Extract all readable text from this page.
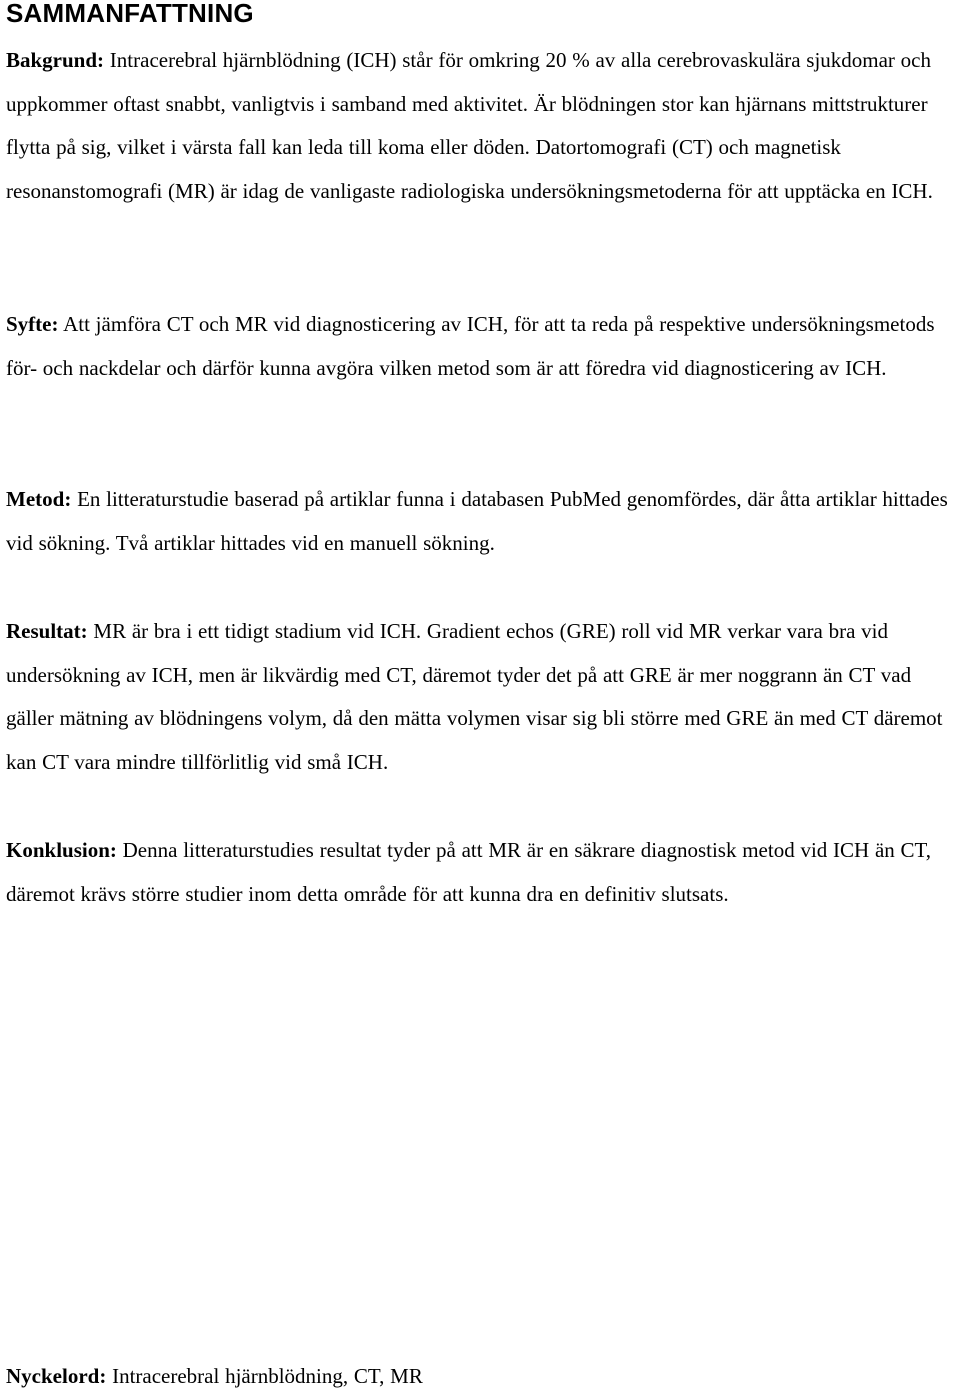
SAMMANFATTNING

Bakgrund: Intracerebral hjärnblödning (ICH) står för omkring 20 % av alla cerebrovaskulära sjukdomar och uppkommer oftast snabbt, vanligtvis i samband med aktivitet. Är blödningen stor kan hjärnans mittstrukturer flytta på sig, vilket i värsta fall kan leda till koma eller döden. Datortomografi (CT) och magnetisk resonanstomografi (MR) är idag de vanligaste radiologiska undersökningsmetoderna för att upptäcka en ICH.

Syfte: Att jämföra CT och MR vid diagnosticering av ICH, för att ta reda på respektive undersökningsmetods för- och nackdelar och därför kunna avgöra vilken metod som är att föredra vid diagnosticering av ICH.

Metod: En litteraturstudie baserad på artiklar funna i databasen PubMed genomfördes, där åtta artiklar hittades vid sökning. Två artiklar hittades vid en manuell sökning.

Resultat: MR är bra i ett tidigt stadium vid ICH. Gradient echos (GRE) roll vid MR verkar vara bra vid undersökning av ICH, men är likvärdig med CT, däremot tyder det på att GRE är mer noggrann än CT vad gäller mätning av blödningens volym, då den mätta volymen visar sig bli större med GRE än med CT däremot kan CT vara mindre tillförlitlig vid små ICH.

Konklusion: Denna litteraturstudies resultat tyder på att MR är en säkrare diagnostisk metod vid ICH än CT, däremot krävs större studier inom detta område för att kunna dra en definitiv slutsats.

Nyckelord: Intracerebral hjärnblödning, CT, MR
